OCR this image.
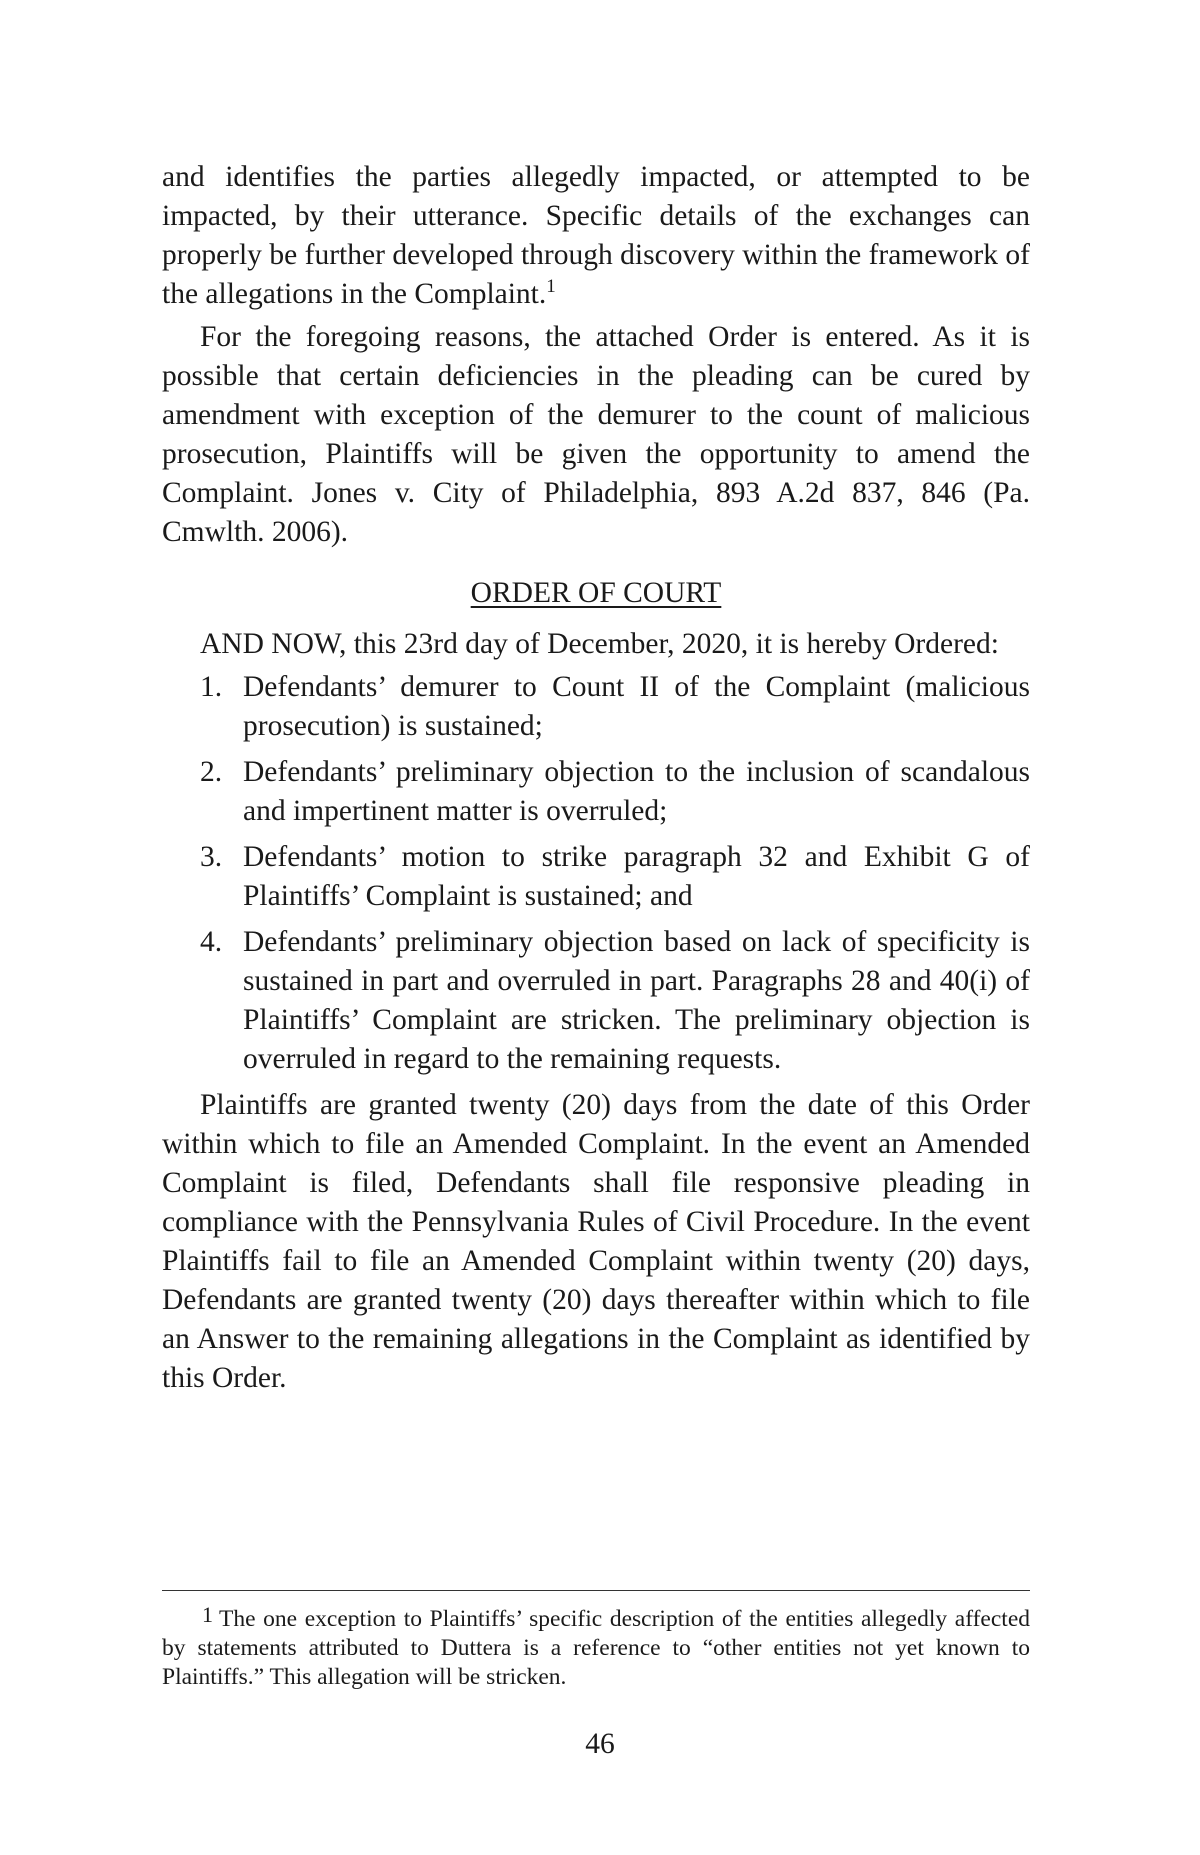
and identifies the parties allegedly impacted, or attempted to be impacted, by their utterance. Specific details of the exchanges can properly be further developed through discovery within the framework of the allegations in the Complaint.$^1$

For the foregoing reasons, the attached Order is entered. As it is possible that certain deficiencies in the pleading can be cured by amendment with exception of the demurer to the count of malicious prosecution, Plaintiffs will be given the opportunity to amend the Complaint. Jones v. City of Philadelphia, 893 A.2d 837, 846 (Pa. Cmwlth. 2006).

ORDER OF COURT

AND NOW, this 23rd day of December, 2020, it is hereby Ordered:

1. Defendants’ demurer to Count II of the Complaint (malicious prosecution) is sustained;
2. Defendants’ preliminary objection to the inclusion of scandalous and impertinent matter is overruled;
3. Defendants’ motion to strike paragraph 32 and Exhibit G of Plaintiffs’ Complaint is sustained; and
4. Defendants’ preliminary objection based on lack of specificity is sustained in part and overruled in part. Paragraphs 28 and 40(i) of Plaintiffs’ Complaint are stricken. The preliminary objection is overruled in regard to the remaining requests.

Plaintiffs are granted twenty (20) days from the date of this Order within which to file an Amended Complaint. In the event an Amended Complaint is filed, Defendants shall file responsive pleading in compliance with the Pennsylvania Rules of Civil Procedure. In the event Plaintiffs fail to file an Amended Complaint within twenty (20) days, Defendants are granted twenty (20) days thereafter within which to file an Answer to the remaining allegations in the Complaint as identified by this Order.

1 The one exception to Plaintiffs’ specific description of the entities allegedly affected by statements attributed to Duttera is a reference to “other entities not yet known to Plaintiffs.” This allegation will be stricken.
46
